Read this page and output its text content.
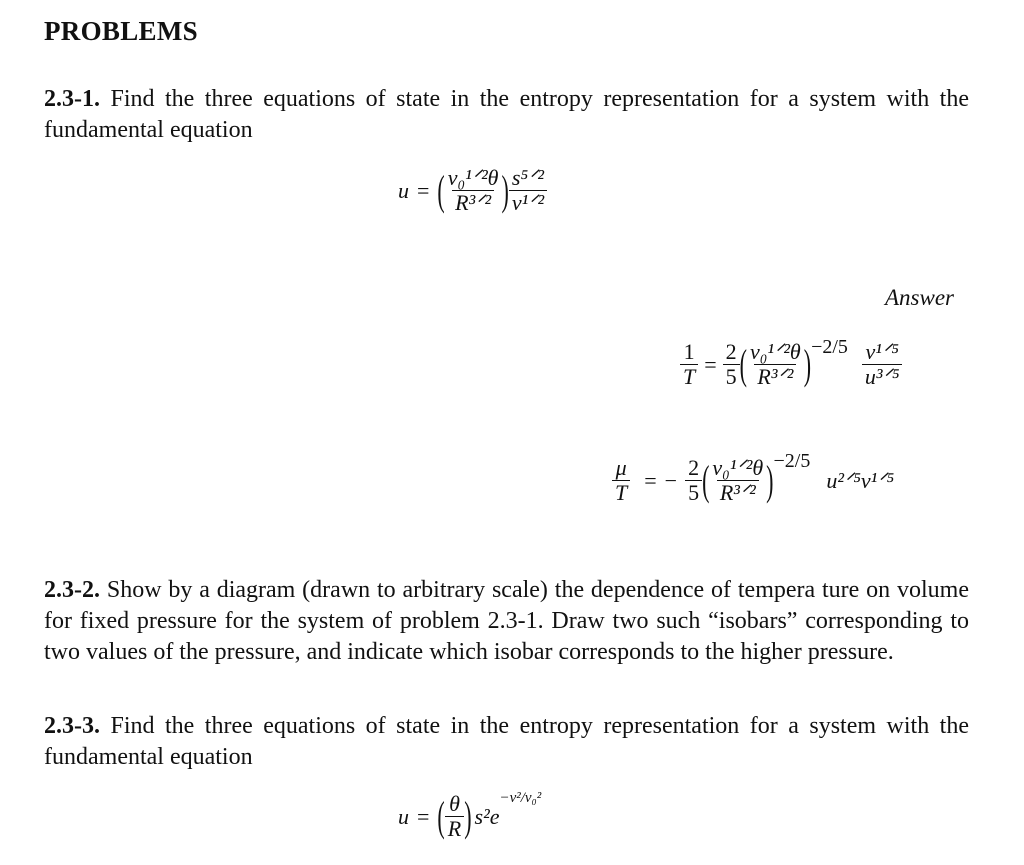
PROBLEMS
2.3-1. Find the three equations of state in the entropy representation for a system with the fundamental equation
u = ( $\frac{\text{v₀¹ᐟ²θ}}{\text{R³ᐟ²}}$ ) $\frac{\text{s⁵ᐟ²}}{\text{v¹ᐟ²}}$
Answer
$\frac{1}{T} = \frac{2}{5}$ ( $\frac{\text{v₀¹ᐟ²θ}}{\text{R³ᐟ²}}$ ) $-2/5 \frac{\text{v¹ᐟ⁵}}{\text{u³ᐟ⁵}}$
$\frac{\mu}{T}$ = − $\frac{2}{5}$ ( $\frac{\text{v₀¹ᐟ²θ}}{\text{R³ᐟ²}}$ ) −2/5
u²ᐟ⁵v¹ᐟ⁵
2.3-2. Show by a diagram (drawn to arbitrary scale) the dependence of tempera ture on volume for fixed pressure for the system of problem 2.3-1. Draw two such “isobars” corresponding to two values of the pressure, and indicate which isobar corresponds to the higher pressure.
2.3-3. Find the three equations of state in the entropy representation for a system with the fundamental equation
u = ( $\frac{\theta}{R}$ ) s²e
−v²/v₀²
